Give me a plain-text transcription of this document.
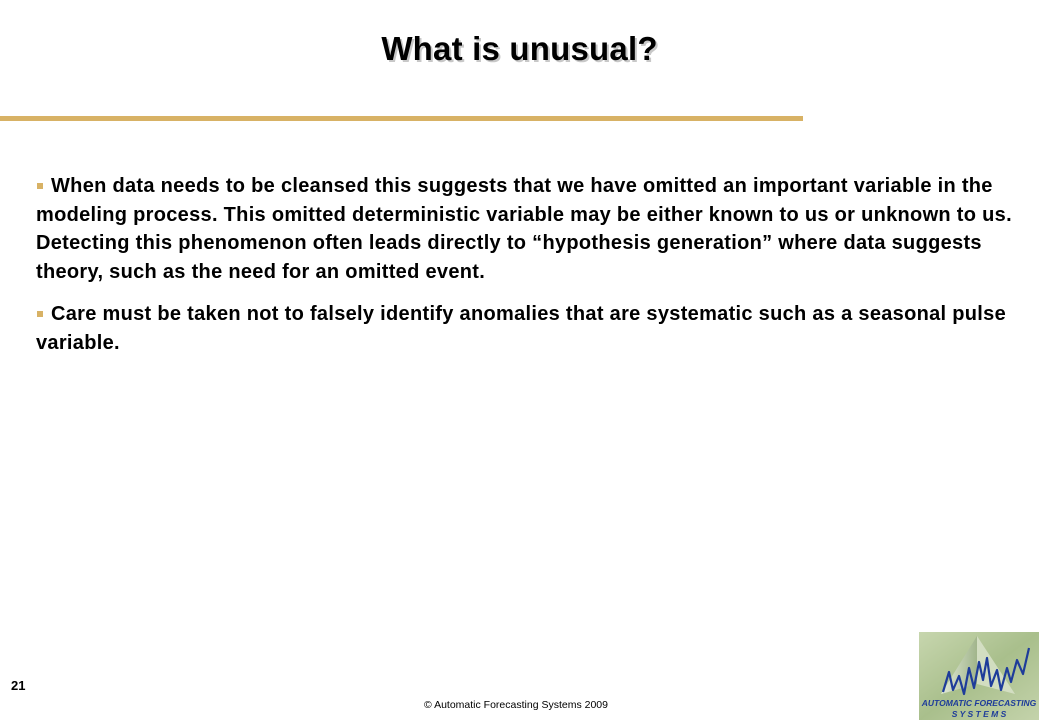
What is unusual?
When data needs to be cleansed this suggests that we have omitted an important variable in the modeling process. This omitted deterministic variable may be either known to us or unknown to us. Detecting this phenomenon often leads directly to “hypothesis generation” where data suggests theory, such as the need for an omitted event.
Care must be taken not to falsely identify anomalies that are systematic such as a seasonal pulse variable.
21
© Automatic Forecasting Systems 2009	AUTOMATIC FORECASTING
S Y S T E M S
